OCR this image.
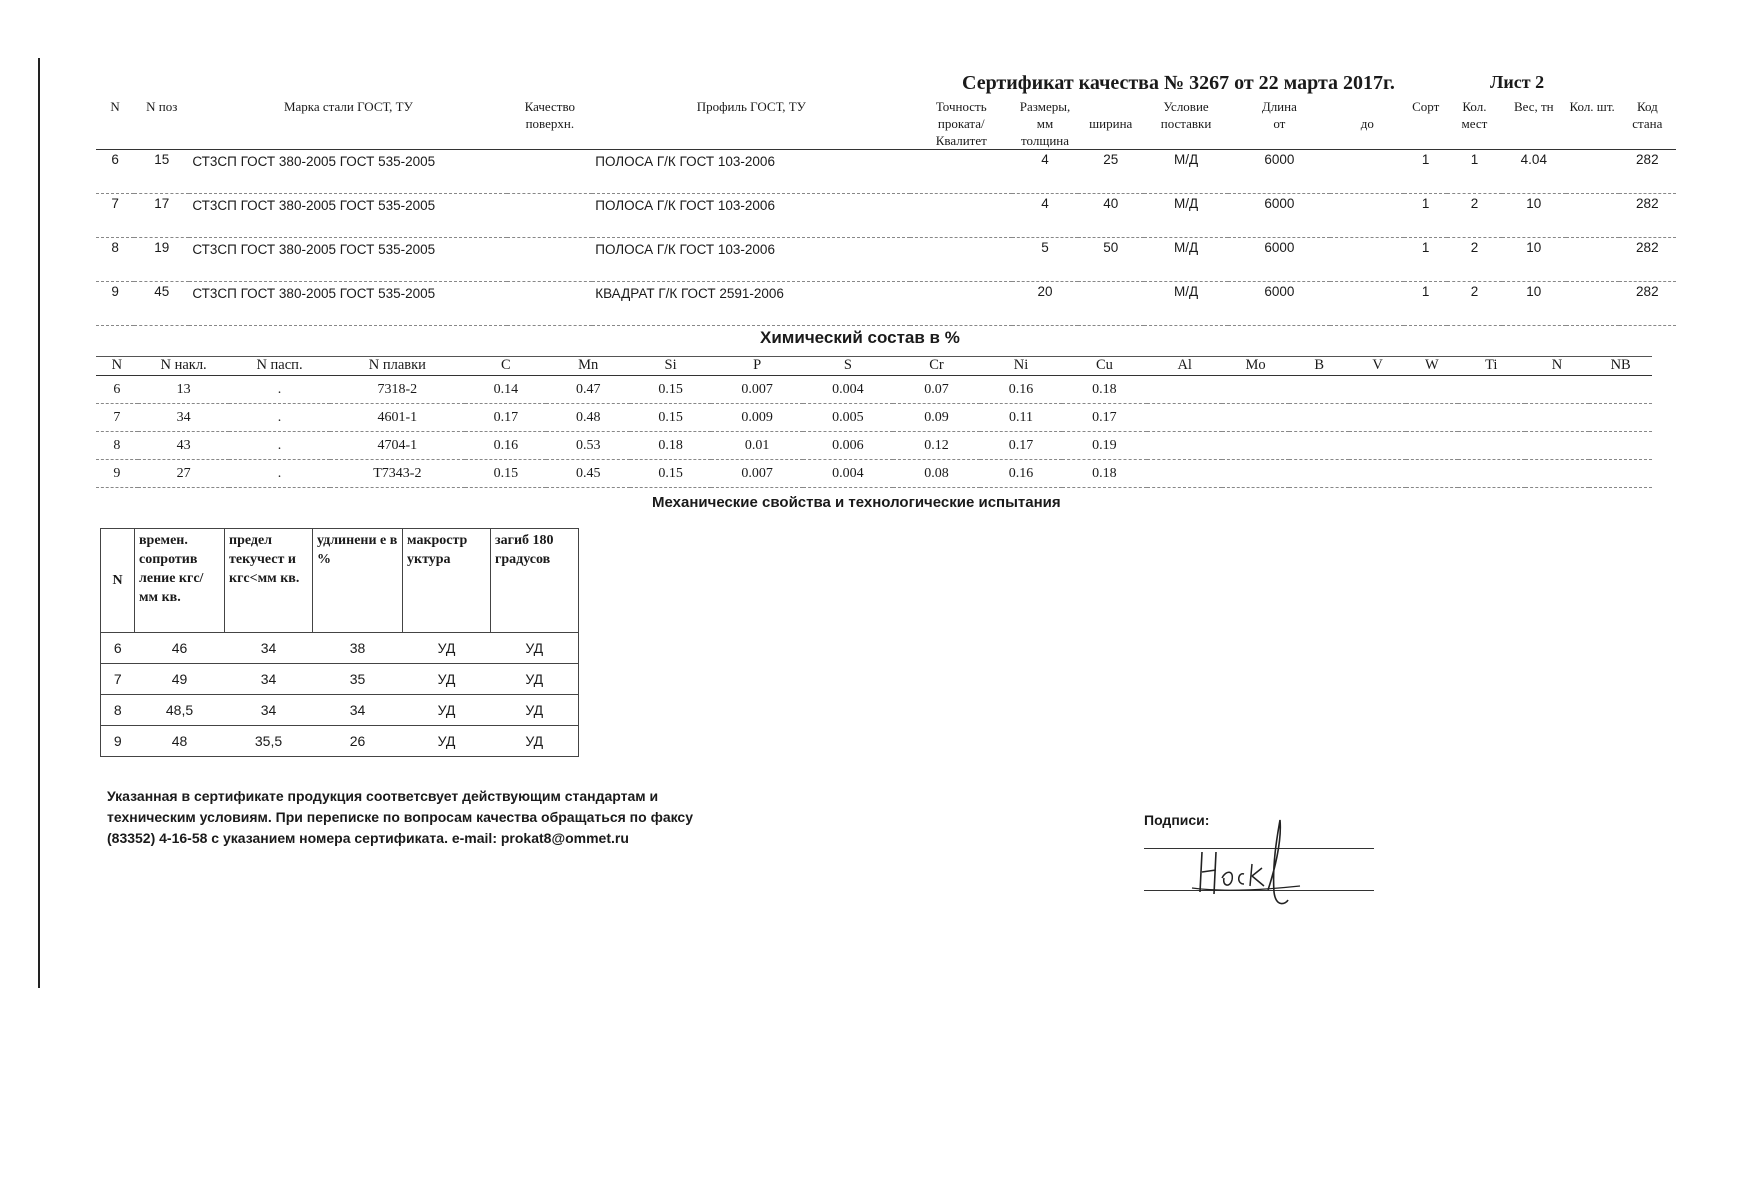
Сертификат качества № 3267 от 22 марта 2017г.	Лист 2
N	N поз	Марка стали ГОСТ, ТУ	Качество поверхн.	Профиль ГОСТ, ТУ	Точность проката/ Квалитет	Размеры, мм
толщина	ширина	Условие поставки	Длина
от	до	Сорт	Кол. мест	Вес, тн	Кол. шт.	Код стана
6	15	СТ3СП ГОСТ 380-2005 ГОСТ 535-2005		ПОЛОСА Г/К ГОСТ 103-2006		4	25	М/Д	6000		1	1	4.04		282
7	17	СТ3СП ГОСТ 380-2005 ГОСТ 535-2005		ПОЛОСА Г/К ГОСТ 103-2006		4	40	М/Д	6000		1	2	10		282
8	19	СТ3СП ГОСТ 380-2005 ГОСТ 535-2005		ПОЛОСА Г/К ГОСТ 103-2006		5	50	М/Д	6000		1	2	10		282
9	45	СТ3СП ГОСТ 380-2005 ГОСТ 535-2005		КВАДРАТ Г/К ГОСТ 2591-2006		20		М/Д	6000		1	2	10		282
Химический состав в %
N	N накл.	N пасп.	N плавки	C	Mn	Si	P	S	Cr	Ni	Cu	Al	Mo	B	V	W	Ti	N	NB
6	13	.	7318-2	0.14	0.47	0.15	0.007	0.004	0.07	0.16	0.18								
7	34	.	4601-1	0.17	0.48	0.15	0.009	0.005	0.09	0.11	0.17								
8	43	.	4704-1	0.16	0.53	0.18	0.01	0.006	0.12	0.17	0.19								
9	27	.	Т7343-2	0.15	0.45	0.15	0.007	0.004	0.08	0.16	0.18								
Механические свойства и технологические испытания
N	времен. сопротив ление кгс/мм кв.	предел текучест и кгс<мм кв.	удлинени е в %	макростр уктура	загиб 180 градусов
6	46	34	38	УД	УД
7	49	34	35	УД	УД
8	48,5	34	34	УД	УД
9	48	35,5	26	УД	УД
Указанная в сертификате продукция соответсвует действующим стандартам и
техническим условиям. При переписке по вопросам качества обращаться по факсу
(83352) 4-16-58 с указанием номера сертификата. e-mail: prokat8@ommet.ru
Подписи:
